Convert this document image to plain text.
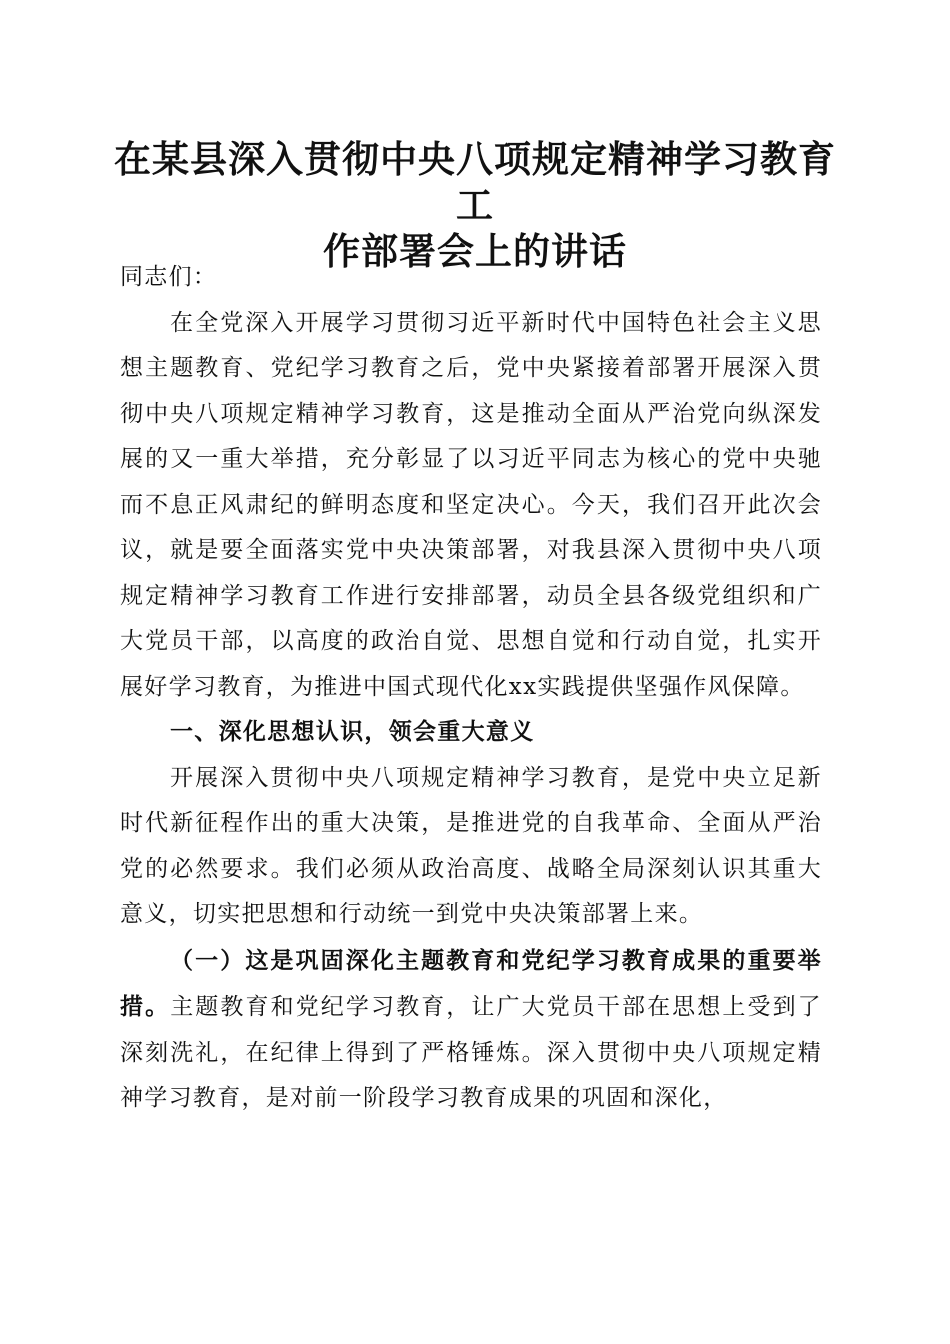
在某县深入贯彻中央八项规定精神学习教育工
作部署会上的讲话

同志们：

在全党深入开展学习贯彻习近平新时代中国特色社会主义思想主题教育、党纪学习教育之后，党中央紧接着部署开展深入贯彻中央八项规定精神学习教育，这是推动全面从严治党向纵深发展的又一重大举措，充分彰显了以习近平同志为核心的党中央驰而不息正风肃纪的鲜明态度和坚定决心。今天，我们召开此次会议，就是要全面落实党中央决策部署，对我县深入贯彻中央八项规定精神学习教育工作进行安排部署，动员全县各级党组织和广大党员干部，以高度的政治自觉、思想自觉和行动自觉，扎实开展好学习教育，为推进中国式现代化xx实践提供坚强作风保障。

一、深化思想认识，领会重大意义

开展深入贯彻中央八项规定精神学习教育，是党中央立足新时代新征程作出的重大决策，是推进党的自我革命、全面从严治党的必然要求。我们必须从政治高度、战略全局深刻认识其重大意义，切实把思想和行动统一到党中央决策部署上来。

（一）这是巩固深化主题教育和党纪学习教育成果的重要举措。主题教育和党纪学习教育，让广大党员干部在思想上受到了深刻洗礼，在纪律上得到了严格锤炼。深入贯彻中央八项规定精神学习教育，是对前一阶段学习教育成果的巩固和深化，
